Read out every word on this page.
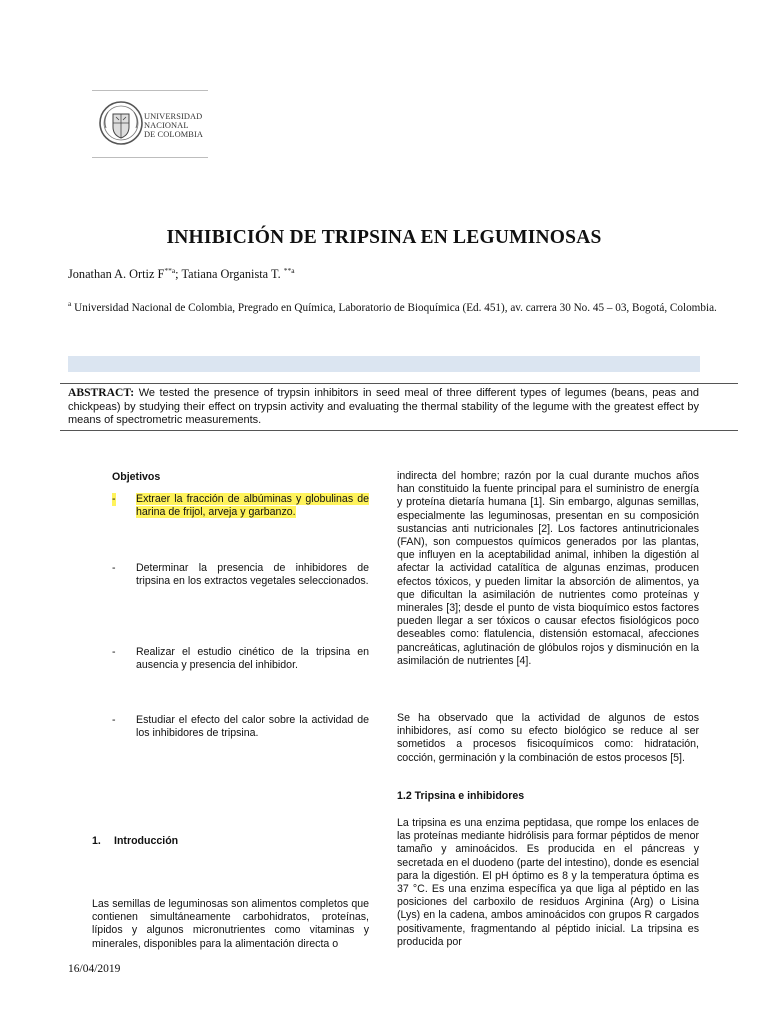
UNIVERSIDAD
NACIONAL
DE COLOMBIA
INHIBICIÓN DE TRIPSINA EN LEGUMINOSAS
Jonathan A. Ortiz $F^{**a}$; Tatiana Organista T. $^{**a}$
$^a$ Universidad Nacional de Colombia, Pregrado en Química, Laboratorio de Bioquímica (Ed. 451), av. carrera 30 No. 45 – 03, Bogotá, Colombia.
ABSTRACT: We tested the presence of trypsin inhibitors in seed meal of three different types of legumes (beans, peas and chickpeas) by studying their effect on trypsin activity and evaluating the thermal stability of the legume with the greatest effect by means of spectrometric measurements.
Objetivos
- Extraer la fracción de albúminas y globulinas de harina de frijol, arveja y garbanzo.
- Determinar la presencia de inhibidores de tripsina en los extractos vegetales seleccionados.
- Realizar el estudio cinético de la tripsina en ausencia y presencia del inhibidor.
- Estudiar el efecto del calor sobre la actividad de los inhibidores de tripsina.
1. Introducción
Las semillas de leguminosas son alimentos completos que contienen simultáneamente carbohidratos, proteínas, lípidos y algunos micronutrientes como vitaminas y minerales, disponibles para la alimentación directa o
indirecta del hombre; razón por la cual durante muchos años han constituido la fuente principal para el suministro de energía y proteína dietaría humana [1]. Sin embargo, algunas semillas, especialmente las leguminosas, presentan en su composición sustancias anti nutricionales [2]. Los factores antinutricionales (FAN), son compuestos químicos generados por las plantas, que influyen en la aceptabilidad animal, inhiben la digestión al afectar la actividad catalítica de algunas enzimas, producen efectos tóxicos, y pueden limitar la absorción de alimentos, ya que dificultan la asimilación de nutrientes como proteínas y minerales [3]; desde el punto de vista bioquímico estos factores pueden llegar a ser tóxicos o causar efectos fisiológicos poco deseables como: flatulencia, distensión estomacal, afecciones pancreáticas, aglutinación de glóbulos rojos y disminución en la asimilación de nutrientes [4].
Se ha observado que la actividad de algunos de estos inhibidores, así como su efecto biológico se reduce al ser sometidos a procesos fisicoquímicos como: hidratación, cocción, germinación y la combinación de estos procesos [5].
1.2 Tripsina e inhibidores
La tripsina es una enzima peptidasa, que rompe los enlaces de las proteínas mediante hidrólisis para formar péptidos de menor tamaño y aminoácidos. Es producida en el páncreas y secretada en el duodeno (parte del intestino), donde es esencial para la digestión. El pH óptimo es 8 y la temperatura óptima es 37 °C. Es una enzima específica ya que liga al péptido en las posiciones del carboxilo de residuos Arginina (Arg) o Lisina (Lys) en la cadena, ambos aminoácidos con grupos R cargados positivamente, fragmentando al péptido inicial. La tripsina es producida por
16/04/2019
